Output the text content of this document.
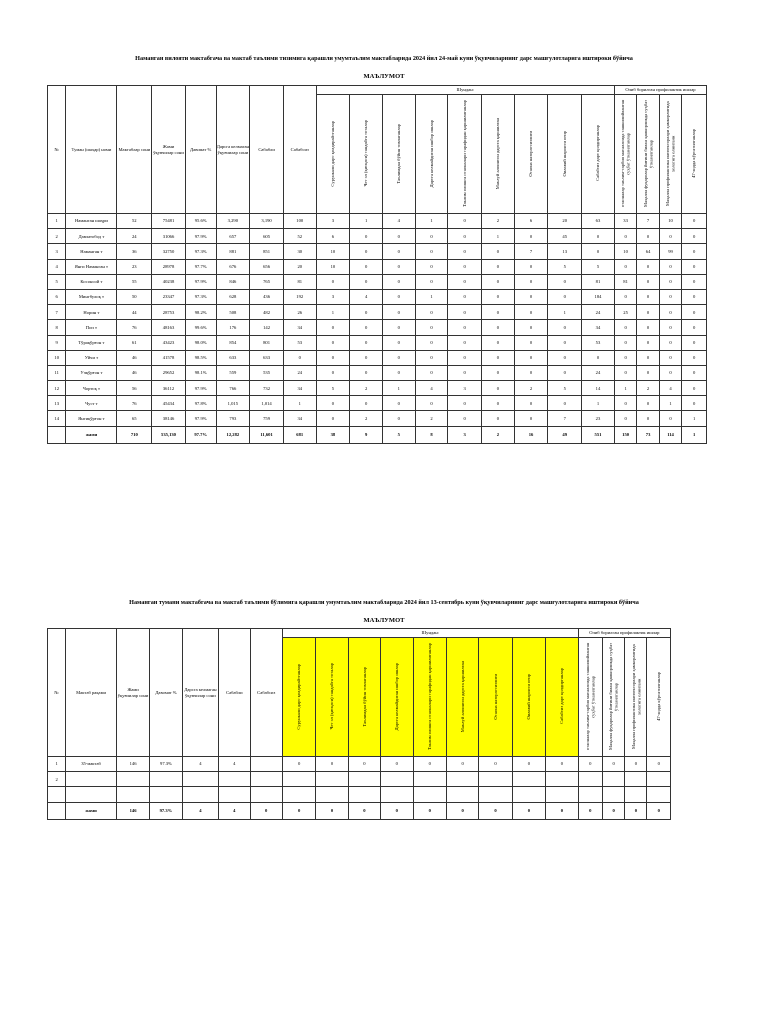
Наманган вилояти мактабгача ва мактаб таълими тизимига қарашли умумтаълим мактабларида 2024 йил 24-май куни ўқувчиларнинг дарс машғулотларига иштироки бўйича
МАЪЛУМОТ
№	Туман (шаҳар) номи	Мактаблар сони	Жами ўқувчилар сони	Давомат %	Дарсга келмаган ўқувчилар сони	Сабабли	Сабабсиз	Шундан:									Олиб борилган профилактик ишлар			
								Сурункали дарс қолдирайтганлар	Чет эл (қисқаси) тандабга тоталар	Таълимдан бўйин товлаганлар	Дарсга келмайдиган ишбор ишлар	Таълим олишга отаоналари тарафидан қаршилиганлар	Маълуй алоинсон дарсга қаршилган	Отаона назоратсизлиги	Оилавий шароити оғир	Сабабсиз дарс қолдирганлар	отаоналар таълим-тарбия масаласида ташкилийланган суҳбат ўтказилганлар	Маҳалла фуқаролар йиғини билан ҳамкорликда суҳбат ўтказилганлар	Маҳалла профилактика инспекторлари ҳамкорлигида холатига олингани	47-ходда кўрсатилганлар
1	Наманган шаҳри	52	75481	95.6%	3,290	3,190	100	3	1	4	1	0	2	6	20	63	33	7	10	0
2	Давлатобод т	24	31066	97.9%	657	605	52	6	0	0	0	0	1	0	45	0	0	0	0	0
3	Наманган т	36	32750	97.3%	881	851	30	10	0	0	0	0	0	7	13	0	10	64	99	0
4	Янги Наманган т	23	28978	97.7%	676	656	20	10	0	0	0	0	0	0	5	5	0	0	0	0
5	Косонсой т	55	40238	97.9%	846	765	81	0	0	0	0	0	0	0	0	81	81	0	0	0
6	Мингбулоқ т	50	23347	97.3%	628	436	192	3	4	0	1	0	0	0	0	184	0	0	0	0
7	Норин т	44	28753	98.2%	508	482	26	1	0	0	0	0	0	0	1	24	25	0	0	0
8	Поп т	76	48163	99.6%	176	142	34	0	0	0	0	0	0	0	0	34	0	0	0	0
9	Тўрақўрғон т	61	43423	98.0%	854	801	53	0	0	0	0	0	0	0	0	53	0	0	0	0
10	Уйчи т	46	41578	98.5%	633	633	0	0	0	0	0	0	0	0	0	0	0	0	0	0
11	Учқўрғон т	46	29652	98.1%	559	535	24	0	0	0	0	0	0	0	0	24	0	0	0	0
12	Чортоқ т	56	36112	97.9%	766	732	34	5	2	1	4	3	0	2	5	14	1	2	4	0
13	Чуст т	76	45434	97.8%	1,015	1,014	1	0	0	0	0	0	0	0	0	1	0	0	1	0
14	Янгиқўрғон т	65	38146	97.9%	793	759	34	0	2	0	2	0	0	0	7	23	0	0	0	1
	жами	710	535,130	97.7%	12,282	11,601	681	38	9	5	8	3	2	16	49	551	150	73	114	1
Наманган тумани мактабгача ва мактаб таълими бўлимига қарашли умумтаълим мактабларида 2024 йил 13-сентябрь куни ўқувчиларнинг дарс машғулотларига иштироки бўйича
МАЪЛУМОТ
№	Мактаб рақами	Жами ўқувчилар сони	Давомат %	Дарсга келмаган ўқувчилар сони	Сабабли	Сабабсиз	Шундан:									Олиб борилган профилактик ишлар			
							Сурункали дарс қолдирайтганлар	Чет эл (қисқаси) тандабга тоталар	Таълимдан бўйин товлаганлар	Дарсга келмайдиган ишбор ишлар	Таълим олишга отаоналари тарафидан қаршилиганлар	Маълуй алоинсон дарсга қаршилган	Отаона назоратсизлиги	Оилавий шароити оғир	Сабабсиз дарс қолдирганлар	отаоналар таълим-тарбия масаласида ташкилийланган суҳбат ўтказилганлар	Маҳалла фуқаролар йиғини билан ҳамкорликда суҳбат ўтказилганлар	Маҳалла профилактика инспекторлари ҳамкорлигида холатига олингани	47-ходда кўрсатилганлар
1	35-мактаб	146	97.3%	4	4		0	0	0	0	0	0	0	0	0	0	0	0	0
2																			

	жами	146	97.3%	4	4	0	0	0	0	0	0	0	0	0	0	0	0	0	0
